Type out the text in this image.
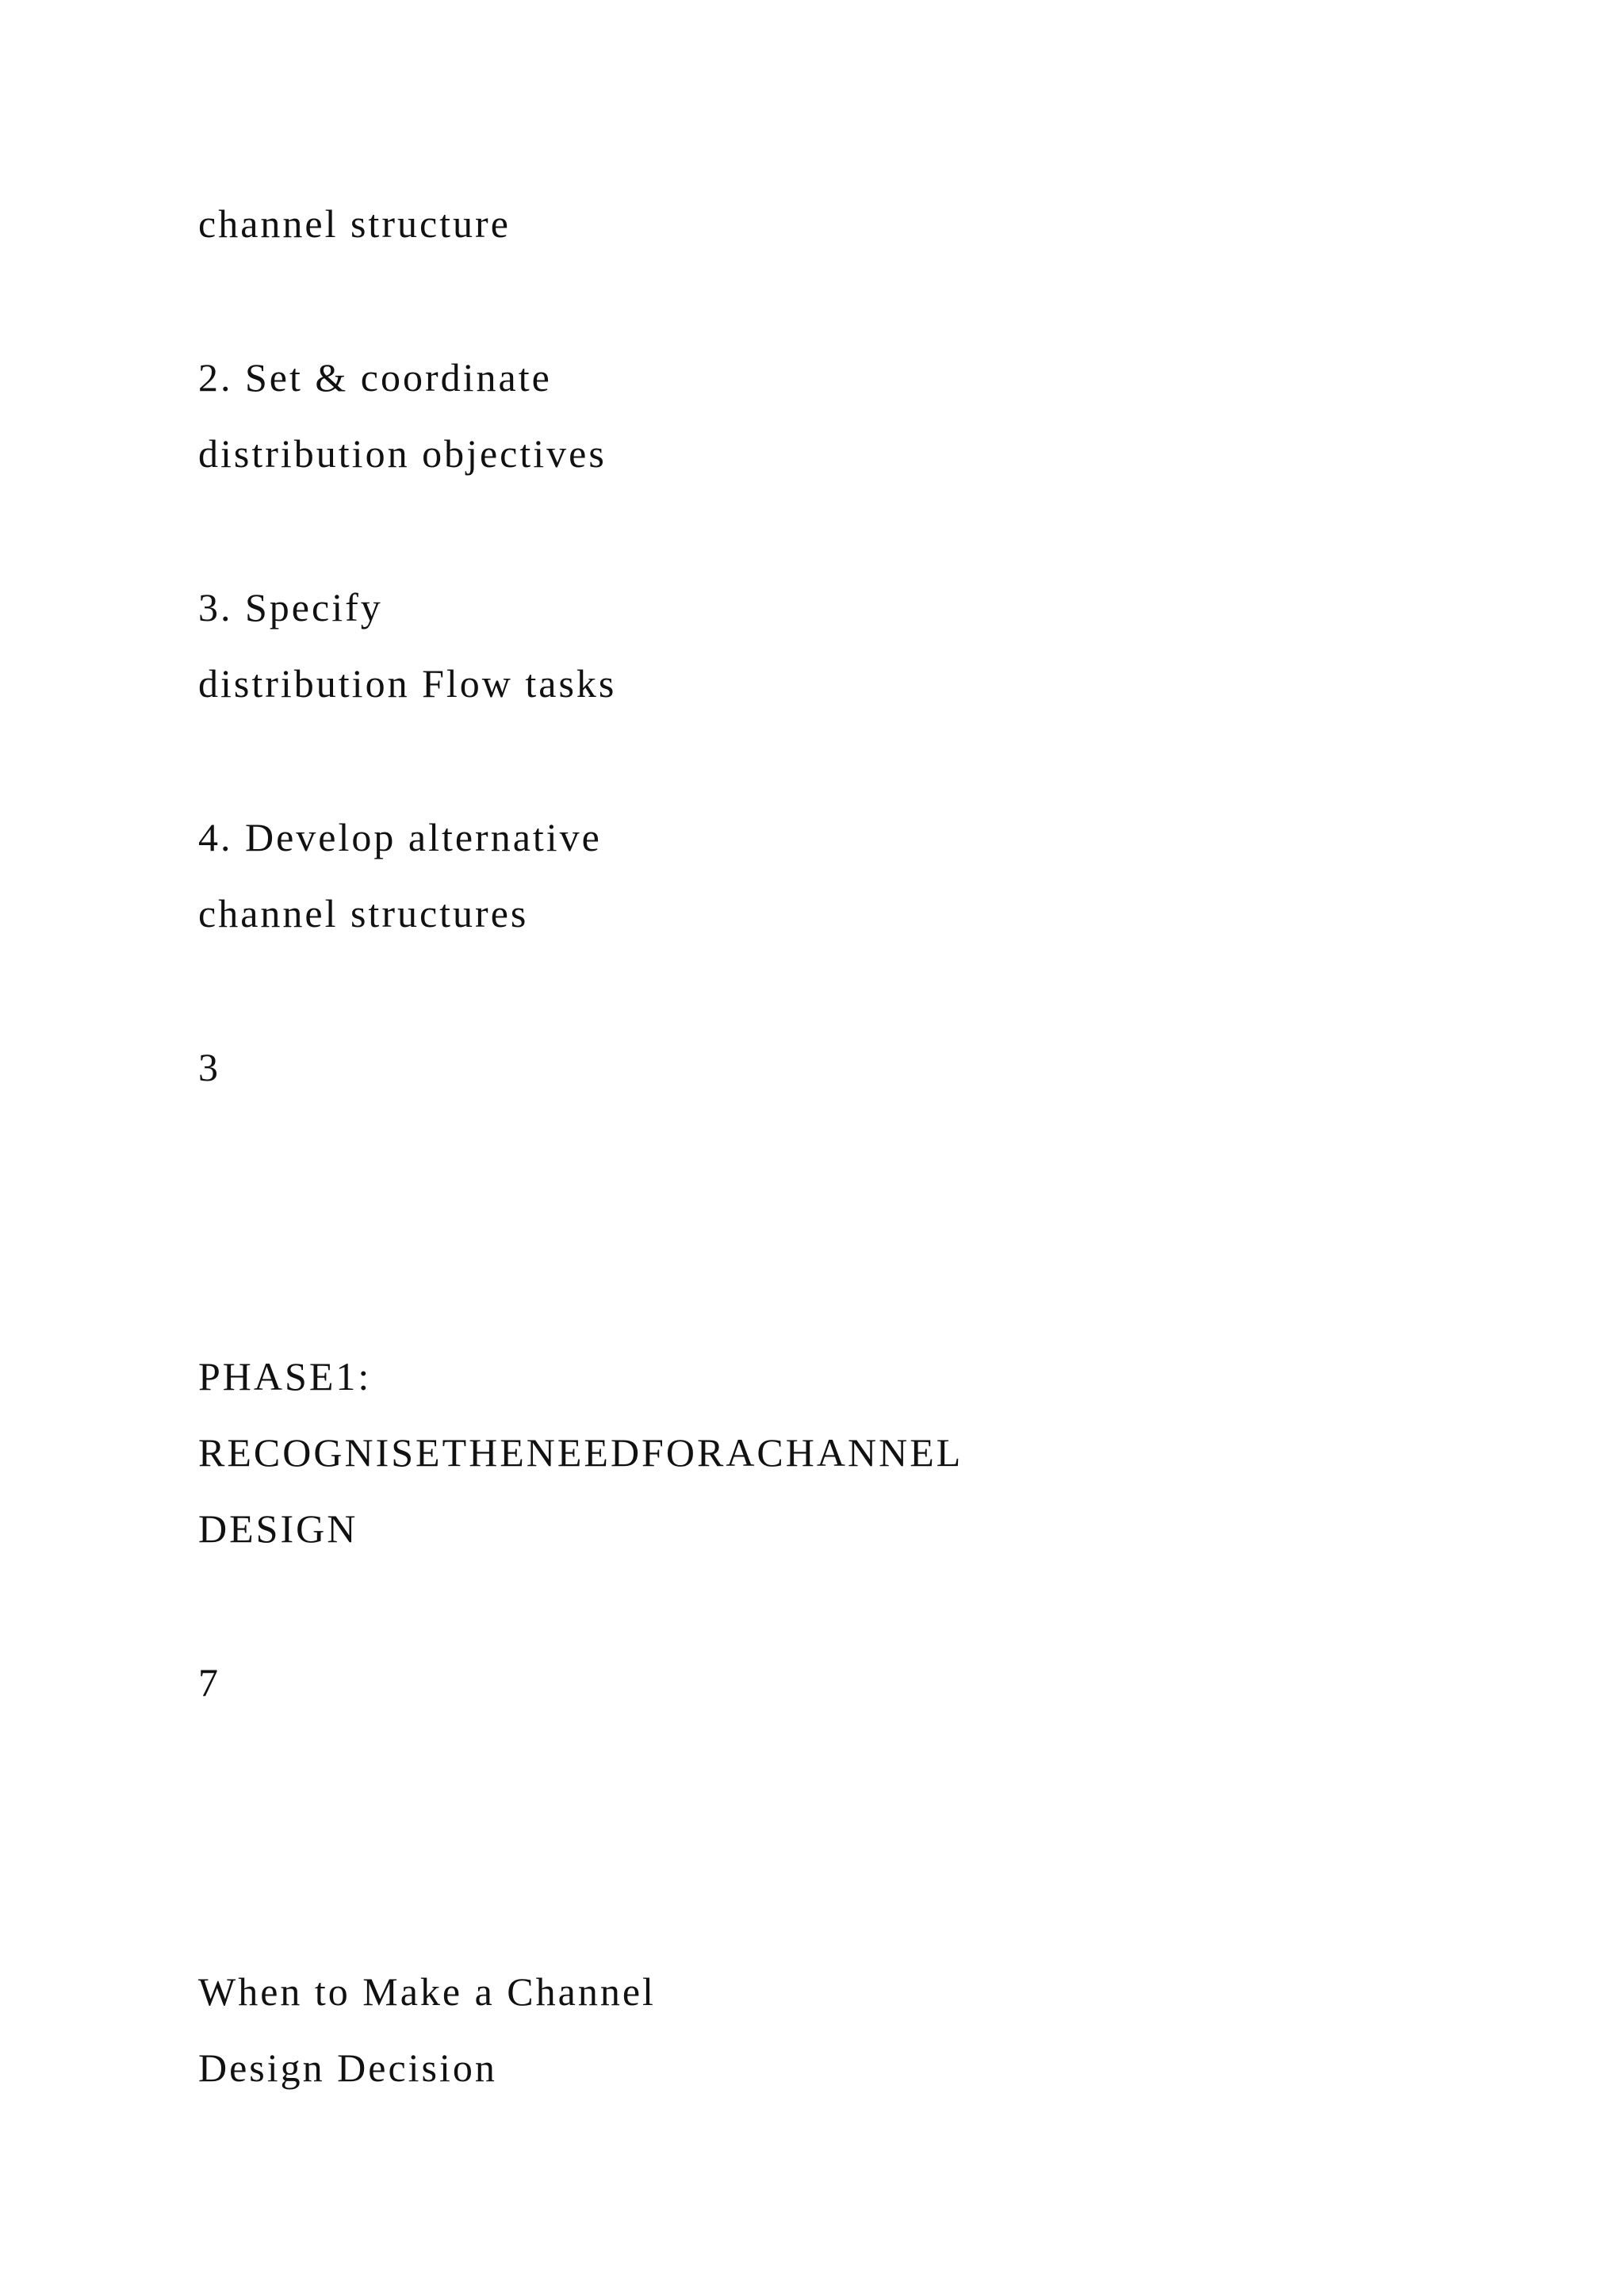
channel structure

2. Set & coordinate

distribution objectives

3. Specify

distribution Flow tasks

4. Develop alternative

channel structures

3

PHASE1:

RECOGNISETHENEEDFORACHANNEL

DESIGN

7

When to Make a Channel

Design Decision
